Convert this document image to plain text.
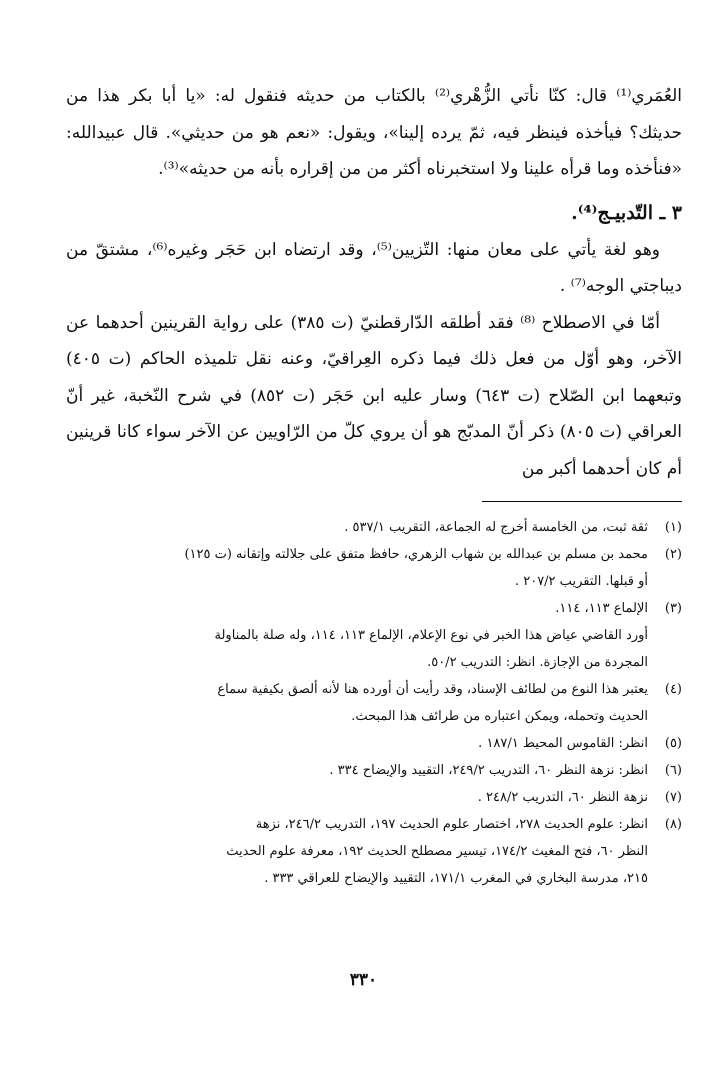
العُمَري⁽¹⁾ قال: كنّا نأتي الزُّهْري⁽²⁾ بالكتاب من حديثه فنقول له: «يا أبا بكر هذا من حديثك؟ فيأخذه فينظر فيه، ثمّ يرده إلينا»، ويقول: «نعم هو من حديثي». قال عبيدالله: «فنأخذه وما قرأه علينا ولا استخبرناه أكثر من من إقراره بأنه من حديثه»⁽³⁾.

٣ ـ التّدبيـج⁽⁴⁾.

وهو لغة يأتي على معان منها: التّزيين⁽⁵⁾، وقد ارتضاه ابن حَجَر وغيره⁽⁶⁾، مشتقّ من ديباجتي الوجه⁽⁷⁾ .

أمّا في الاصطلاح ⁽⁸⁾ فقد أطلقه الدّارقطنيّ (ت ٣٨٥) على رواية القرينين أحدهما عن الآخر، وهو أوّل من فعل ذلك فيما ذكره العِراقيّ، وعنه نقل تلميذه الحاكم (ت ٤٠٥) وتبعهما ابن الصّلاح (ت ٦٤٣) وسار عليه ابن حَجَر (ت ٨٥٢) في شرح النّخبة، غير أنّ العراقي (ت ٨٠٥) ذكر أنّ المدبّج هو أن يروي كلّ من الرّاويين عن الآخر سواء كانا قرينين أم كان أحدهما أكبر من

(١)

ثقة ثبت، من الخامسة أخرج له الجماعة، التقريب ٥٣٧/١ .

(٢)

محمد بن مسلم بن عبدالله بن شهاب الزهري، حافظ متفق على جلالته وإتقانه (ت ١٢٥)

أو قبلها. التقريب ٢٠٧/٢ .

(٣)

الإلماع ١١٣، ١١٤.

أورد القاضي عياض هذا الخبر في نوع الإعلام، الإلماع ١١٣، ١١٤، وله صلة بالمناولة

المجردة من الإجازة. انظر: التدريب ٥٠/٢.

(٤)

يعتبر هذا النوع من لطائف الإسناد، وقد رأيت أن أورده هنا لأنه ألصق بكيفية سماع

الحديث وتحمله، ويمكن اعتباره من طرائف هذا المبحث.

(٥)

انظر: القاموس المحيط ١٨٧/١ .

(٦)

انظر: نزهة النظر ٦٠، التدريب ٢٤٩/٢، التقييد والإيضاح ٣٣٤ .

(٧)

نزهة النظر ٦٠، التدريب ٢٤٨/٢ .

(٨)

انظر: علوم الحديث ٢٧٨، اختصار علوم الحديث ١٩٧، التدريب ٢٤٦/٢، نزهة

النظر ٦٠، فتح المغيث ١٧٤/٢، تيسير مصطلح الحديث ١٩٢، معرفة علوم الحديث

٢١٥، مدرسة البخاري في المغرب ١٧١/١، التقييد والإيضاح للعراقي ٣٣٣ .

٣٣٠
